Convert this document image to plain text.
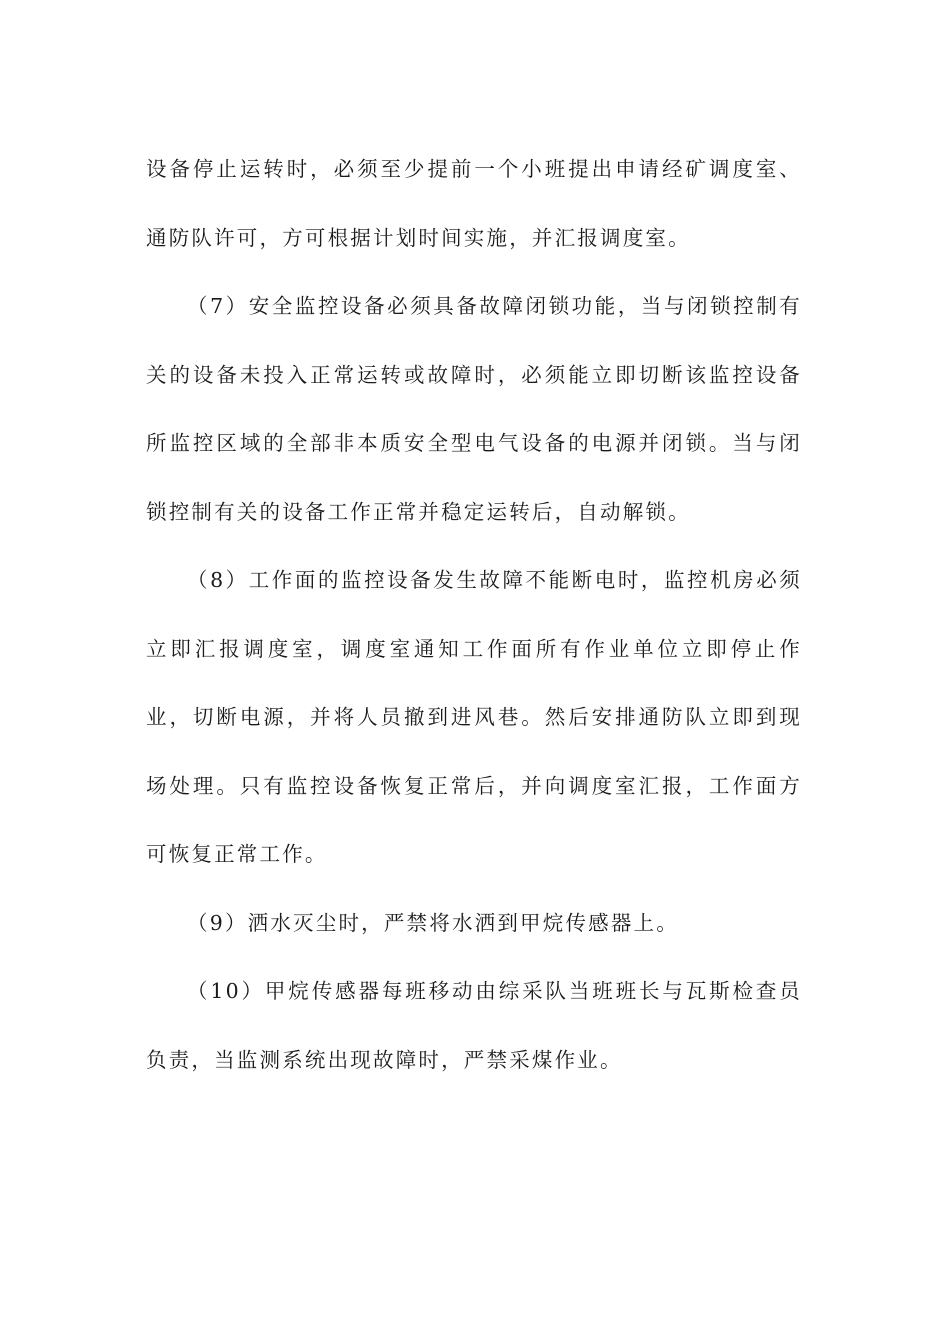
设备停止运转时，必须至少提前一个小班提出申请经矿调度室、通防队许可，方可根据计划时间实施，并汇报调度室。

（7）安全监控设备必须具备故障闭锁功能，当与闭锁控制有关的设备未投入正常运转或故障时，必须能立即切断该监控设备所监控区域的全部非本质安全型电气设备的电源并闭锁。当与闭锁控制有关的设备工作正常并稳定运转后，自动解锁。

（8）工作面的监控设备发生故障不能断电时，监控机房必须立即汇报调度室，调度室通知工作面所有作业单位立即停止作业，切断电源，并将人员撤到进风巷。然后安排通防队立即到现场处理。只有监控设备恢复正常后，并向调度室汇报，工作面方可恢复正常工作。

（9）洒水灭尘时，严禁将水洒到甲烷传感器上。

（10）甲烷传感器每班移动由综采队当班班长与瓦斯检查员负责，当监测系统出现故障时，严禁采煤作业。
